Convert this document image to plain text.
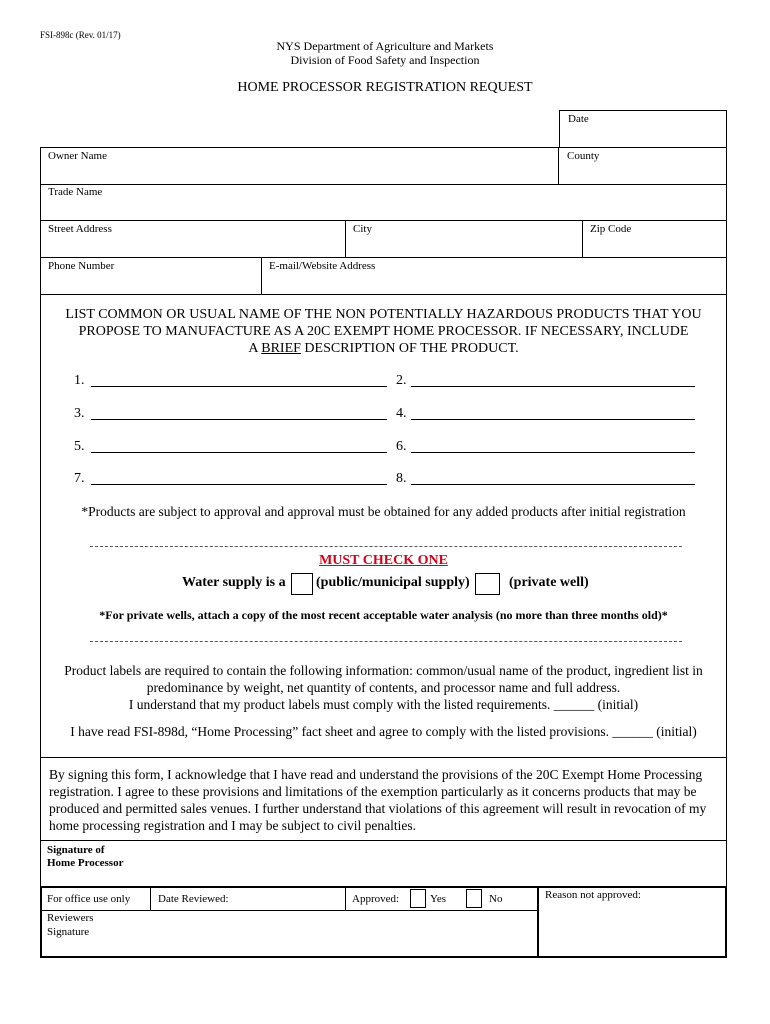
FSI-898c (Rev. 01/17)
NYS Department of Agriculture and Markets
Division of Food Safety and Inspection
HOME PROCESSOR REGISTRATION REQUEST
Date
Owner Name	County
Trade Name
Street Address	City	Zip Code
Phone Number	E-mail/Website Address
LIST COMMON OR USUAL NAME OF THE NON POTENTIALLY HAZARDOUS PRODUCTS THAT YOU
PROPOSE TO MANUFACTURE AS A 20C EXEMPT HOME PROCESSOR. IF NECESSARY, INCLUDE
A BRIEF DESCRIPTION OF THE PRODUCT.
1.	2.
3.	4.
5.	6.
7.	8.
*Products are subject to approval and approval must be obtained for any added products after initial registration
MUST CHECK ONE
Water supply is a (public/municipal supply)	(private well)
*For private wells, attach a copy of the most recent acceptable water analysis (no more than three months old)*
Product labels are required to contain the following information: common/usual name of the product, ingredient list in
predominance by weight, net quantity of contents, and processor name and full address.
I understand that my product labels must comply with the listed requirements. ______ (initial)
I have read FSI-898d, “Home Processing” fact sheet and agree to comply with the listed provisions. ______ (initial)
By signing this form, I acknowledge that I have read and understand the provisions of the 20C Exempt Home Processing
registration. I agree to these provisions and limitations of the exemption particularly as it concerns products that may be
produced and permitted sales venues. I further understand that violations of this agreement will result in revocation of my
home processing registration and I may be subject to civil penalties.
Signature of
Home Processor
For office use only	Date Reviewed:	Approved:	Yes	No	Reason not approved:
Reviewers
Signature
